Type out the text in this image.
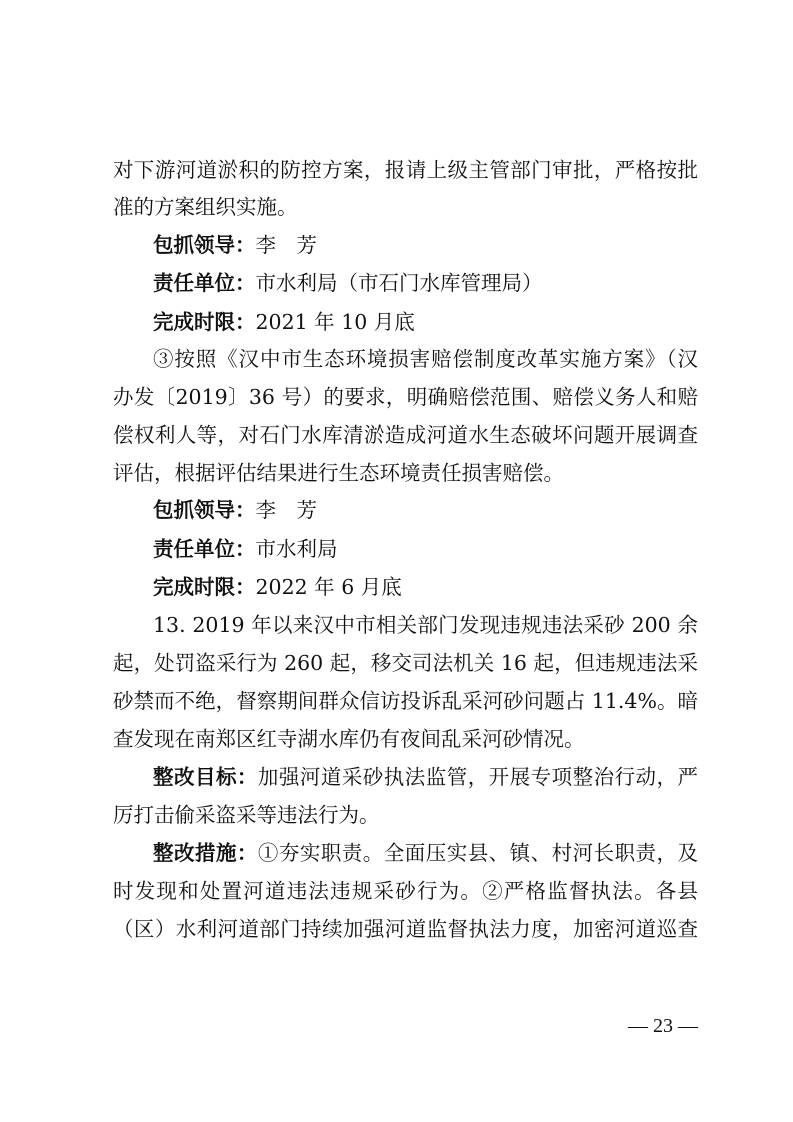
对下游河道淤积的防控方案，报请上级主管部门审批，严格按批
准的方案组织实施。
包抓领导：李　芳
责任单位：市水利局（市石门水库管理局）
完成时限：2021 年 10 月底
③按照《汉中市生态环境损害赔偿制度改革实施方案》（汉
办发〔2019〕36 号）的要求，明确赔偿范围、赔偿义务人和赔
偿权利人等，对石门水库清淤造成河道水生态破坏问题开展调查
评估，根据评估结果进行生态环境责任损害赔偿。
包抓领导：李　芳
责任单位：市水利局
完成时限：2022 年 6 月底
13. 2019 年以来汉中市相关部门发现违规违法采砂 200 余
起，处罚盗采行为 260 起，移交司法机关 16 起，但违规违法采
砂禁而不绝，督察期间群众信访投诉乱采河砂问题占 11.4%。暗
查发现在南郑区红寺湖水库仍有夜间乱采河砂情况。
整改目标：加强河道采砂执法监管，开展专项整治行动，严
厉打击偷采盗采等违法行为。
整改措施：①夯实职责。全面压实县、镇、村河长职责，及
时发现和处置河道违法违规采砂行为。②严格监督执法。各县
（区）水利河道部门持续加强河道监督执法力度，加密河道巡查
— 23 —
